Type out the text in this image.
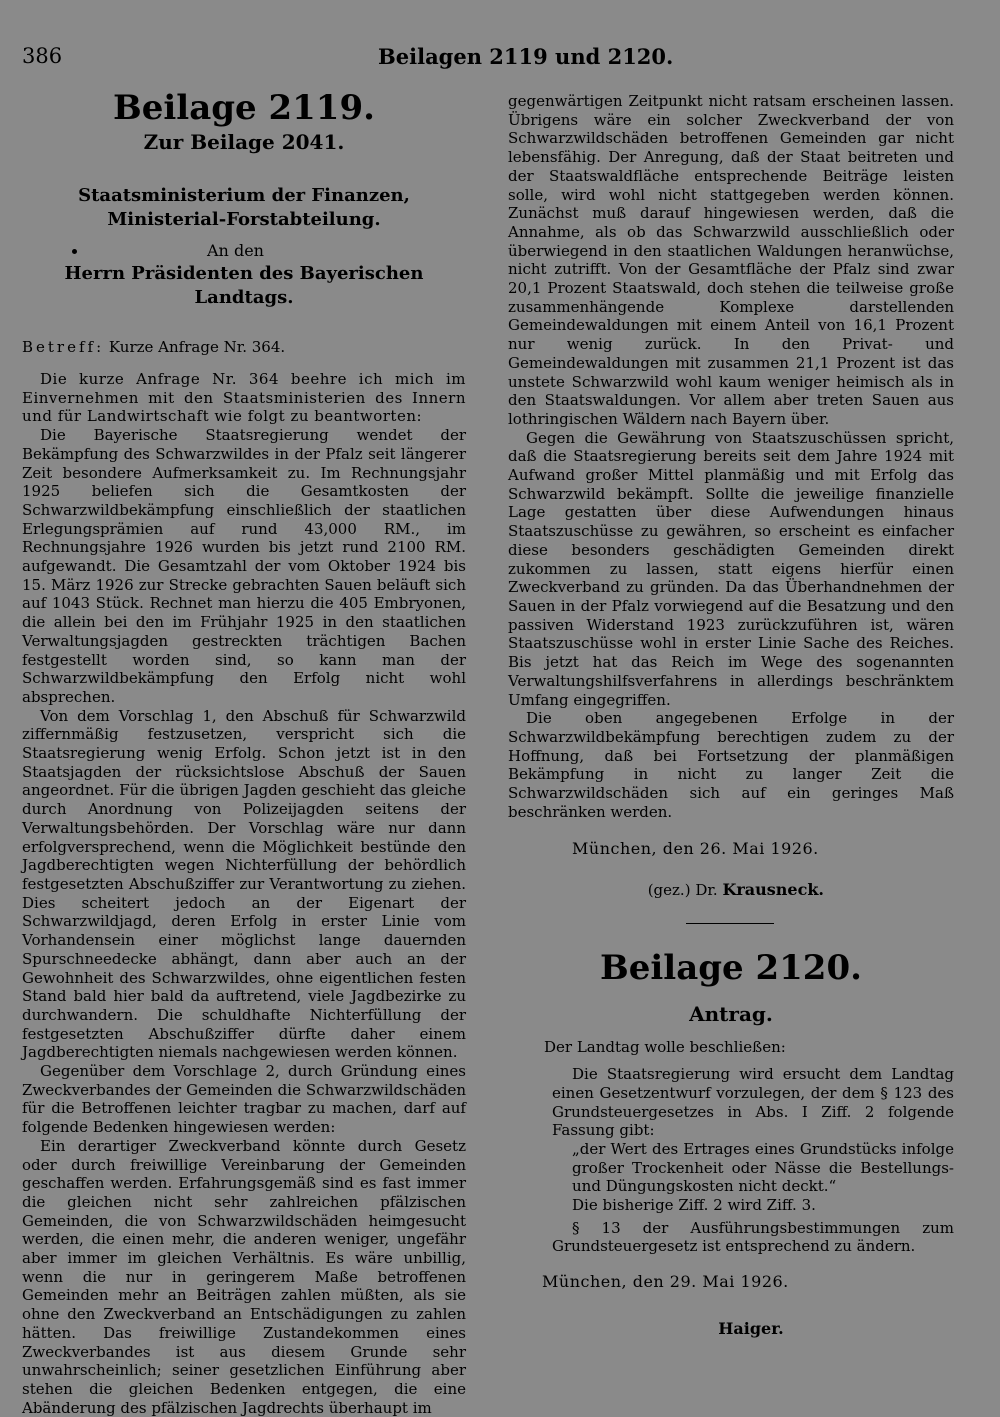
386	Beilagen 2119 und 2120.
Beilage 2119.
Zur Beilage 2041.

Staatsministerium der Finanzen,

Ministerial-Forstabteilung.

An den

Herrn Präsidenten des Bayerischen Landtags.

Betreff: Kurze Anfrage Nr. 364.

Die kurze Anfrage Nr. 364 beehre ich mich im Einvernehmen mit den Staatsministerien des Innern und für Landwirtschaft wie folgt zu beantworten:

Die Bayerische Staatsregierung wendet der Bekämpfung des Schwarzwildes in der Pfalz seit längerer Zeit besondere Aufmerksamkeit zu. Im Rechnungsjahr 1925 beliefen sich die Gesamtkosten der Schwarzwildbekämpfung einschließlich der staatlichen Erlegungsprämien auf rund 43,000 RM., im Rechnungsjahre 1926 wurden bis jetzt rund 2100 RM. aufgewandt. Die Gesamtzahl der vom Oktober 1924 bis 15. März 1926 zur Strecke gebrachten Sauen beläuft sich auf 1043 Stück. Rechnet man hierzu die 405 Embryonen, die allein bei den im Frühjahr 1925 in den staatlichen Verwaltungsjagden gestreckten trächtigen Bachen festgestellt worden sind, so kann man der Schwarzwildbekämpfung den Erfolg nicht wohl absprechen.

Von dem Vorschlag 1, den Abschuß für Schwarzwild ziffernmäßig festzusetzen, verspricht sich die Staatsregierung wenig Erfolg. Schon jetzt ist in den Staatsjagden der rücksichtslose Abschuß der Sauen angeordnet. Für die übrigen Jagden geschieht das gleiche durch Anordnung von Polizeijagden seitens der Verwaltungsbehörden. Der Vorschlag wäre nur dann erfolgversprechend, wenn die Möglichkeit bestünde den Jagdberechtigten wegen Nichterfüllung der behördlich festgesetzten Abschußziffer zur Verantwortung zu ziehen. Dies scheitert jedoch an der Eigenart der Schwarzwildjagd, deren Erfolg in erster Linie vom Vorhandensein einer möglichst lange dauernden Spurschneedecke abhängt, dann aber auch an der Gewohnheit des Schwarzwildes, ohne eigentlichen festen Stand bald hier bald da auftretend, viele Jagdbezirke zu durchwandern. Die schuldhafte Nichterfüllung der festgesetzten Abschußziffer dürfte daher einem Jagdberechtigten niemals nachgewiesen werden können.

Gegenüber dem Vorschlage 2, durch Gründung eines Zweckverbandes der Gemeinden die Schwarzwildschäden für die Betroffenen leichter tragbar zu machen, darf auf folgende Bedenken hingewiesen werden:

Ein derartiger Zweckverband könnte durch Gesetz oder durch freiwillige Vereinbarung der Gemeinden geschaffen werden. Erfahrungsgemäß sind es fast immer die gleichen nicht sehr zahlreichen pfälzischen Gemeinden, die von Schwarzwildschäden heimgesucht werden, die einen mehr, die anderen weniger, ungefähr aber immer im gleichen Verhältnis. Es wäre unbillig, wenn die nur in geringerem Maße betroffenen Gemeinden mehr an Beiträgen zahlen müßten, als sie ohne den Zweckverband an Entschädigungen zu zahlen hätten. Das freiwillige Zustandekommen eines Zweckverbandes ist aus diesem Grunde sehr unwahrscheinlich; seiner gesetzlichen Einführung aber stehen die gleichen Bedenken entgegen, die eine Abänderung des pfälzischen Jagdrechts überhaupt im

gegenwärtigen Zeitpunkt nicht ratsam erscheinen lassen. Übrigens wäre ein solcher Zweckverband der von Schwarzwildschäden betroffenen Gemeinden gar nicht lebensfähig. Der Anregung, daß der Staat beitreten und der Staatswaldfläche entsprechende Beiträge leisten solle, wird wohl nicht stattgegeben werden können. Zunächst muß darauf hingewiesen werden, daß die Annahme, als ob das Schwarzwild ausschließlich oder überwiegend in den staatlichen Waldungen heranwüchse, nicht zutrifft. Von der Gesamtfläche der Pfalz sind zwar 20,1 Prozent Staatswald, doch stehen die teilweise große zusammenhängende Komplexe darstellenden Gemeindewaldungen mit einem Anteil von 16,1 Prozent nur wenig zurück. In den Privat- und Gemeindewaldungen mit zusammen 21,1 Prozent ist das unstete Schwarzwild wohl kaum weniger heimisch als in den Staatswaldungen. Vor allem aber treten Sauen aus lothringischen Wäldern nach Bayern über.

Gegen die Gewährung von Staatszuschüssen spricht, daß die Staatsregierung bereits seit dem Jahre 1924 mit Aufwand großer Mittel planmäßig und mit Erfolg das Schwarzwild bekämpft. Sollte die jeweilige finanzielle Lage gestatten über diese Aufwendungen hinaus Staatszuschüsse zu gewähren, so erscheint es einfacher diese besonders geschädigten Gemeinden direkt zukommen zu lassen, statt eigens hierfür einen Zweckverband zu gründen. Da das Überhandnehmen der Sauen in der Pfalz vorwiegend auf die Besatzung und den passiven Widerstand 1923 zurückzuführen ist, wären Staatszuschüsse wohl in erster Linie Sache des Reiches. Bis jetzt hat das Reich im Wege des sogenannten Verwaltungshilfsverfahrens in allerdings beschränktem Umfang eingegriffen.

Die oben angegebenen Erfolge in der Schwarzwildbekämpfung berechtigen zudem zu der Hoffnung, daß bei Fortsetzung der planmäßigen Bekämpfung in nicht zu langer Zeit die Schwarzwildschäden sich auf ein geringes Maß beschränken werden.

München, den 26. Mai 1926.

(gez.) Dr. Krausneck.

Beilage 2120.
Antrag.

Der Landtag wolle beschließen:

Die Staatsregierung wird ersucht dem Landtag einen Gesetzentwurf vorzulegen, der dem § 123 des Grundsteuergesetzes in Abs. I Ziff. 2 folgende Fassung gibt:

„der Wert des Ertrages eines Grundstücks infolge großer Trockenheit oder Nässe die Bestellungs- und Düngungskosten nicht deckt.“

Die bisherige Ziff. 2 wird Ziff. 3.

§ 13 der Ausführungsbestimmungen zum Grundsteuergesetz ist entsprechend zu ändern.

München, den 29. Mai 1926.

Haiger.
